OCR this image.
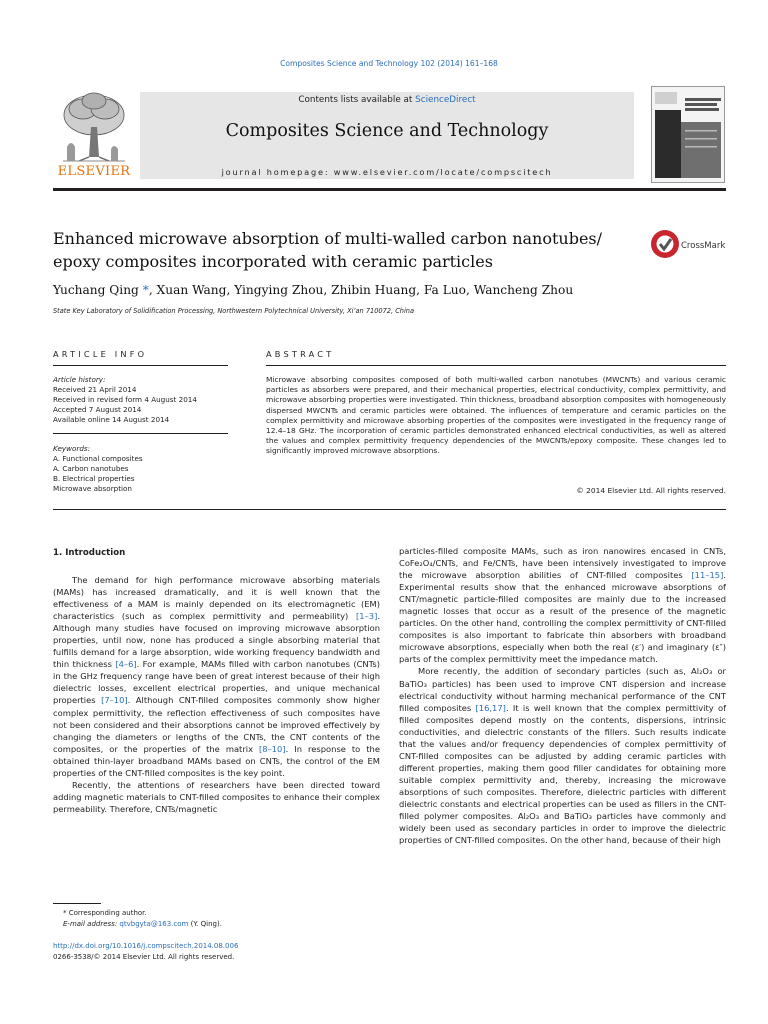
Composites Science and Technology 102 (2014) 161–168
Contents lists available at ScienceDirect
Composites Science and Technology
journal homepage: www.elsevier.com/locate/compscitech
ELSEVIER
Enhanced microwave absorption of multi-walled carbon nanotubes/
epoxy composites incorporated with ceramic particles
CrossMark
Yuchang Qing *, Xuan Wang, Yingying Zhou, Zhibin Huang, Fa Luo, Wancheng Zhou
State Key Laboratory of Solidification Processing, Northwestern Polytechnical University, Xi’an 710072, China
ARTICLE INFO	ABSTRACT
Article history:
Received 21 April 2014
Received in revised form 4 August 2014
Accepted 7 August 2014
Available online 14 August 2014
Keywords:
A. Functional composites
A. Carbon nanotubes
B. Electrical properties
Microwave absorption
Microwave absorbing composites composed of both multi-walled carbon nanotubes (MWCNTs) and various ceramic particles as absorbers were prepared, and their mechanical properties, electrical conductivity, complex permittivity, and microwave absorbing properties were investigated. Thin thickness, broadband absorption composites with homogeneously dispersed MWCNTs and ceramic particles were obtained. The influences of temperature and ceramic particles on the complex permittivity and microwave absorbing properties of the composites were investigated in the frequency range of 12.4–18 GHz. The incorporation of ceramic particles demonstrated enhanced electrical conductivities, as well as altered the values and complex permittivity frequency dependencies of the MWCNTs/epoxy composite. These changes led to significantly improved microwave absorptions.
© 2014 Elsevier Ltd. All rights reserved.
1. Introduction

The demand for high performance microwave absorbing materials (MAMs) has increased dramatically, and it is well known that the effectiveness of a MAM is mainly depended on its electromagnetic (EM) characteristics (such as complex permittivity and permeability) [1–3]. Although many studies have focused on improving microwave absorption properties, until now, none has produced a single absorbing material that fulfills demand for a large absorption, wide working frequency bandwidth and thin thickness [4–6]. For example, MAMs filled with carbon nanotubes (CNTs) in the GHz frequency range have been of great interest because of their high dielectric losses, excellent electrical properties, and unique mechanical properties [7–10]. Although CNT-filled composites commonly show higher complex permittivity, the reflection effectiveness of such composites have not been considered and their absorptions cannot be improved effectively by changing the diameters or lengths of the CNTs, the CNT contents of the composites, or the properties of the matrix [8–10]. In response to the obtained thin-layer broadband MAMs based on CNTs, the control of the EM properties of the CNT-filled composites is the key point.

Recently, the attentions of researchers have been directed toward adding magnetic materials to CNT-filled composites to enhance their complex permeability. Therefore, CNTs/magnetic

particles-filled composite MAMs, such as iron nanowires encased in CNTs, CoFe₂O₄/CNTs, and Fe/CNTs, have been intensively investigated to improve the microwave absorption abilities of CNT-filled composites [11–15]. Experimental results show that the enhanced microwave absorptions of CNT/magnetic particle-filled composites are mainly due to the increased magnetic losses that occur as a result of the presence of the magnetic particles. On the other hand, controlling the complex permittivity of CNT-filled composites is also important to fabricate thin absorbers with broadband microwave absorptions, especially when both the real (ε′) and imaginary (ε″) parts of the complex permittivity meet the impedance match.

More recently, the addition of secondary particles (such as, Al₂O₃ or BaTiO₃ particles) has been used to improve CNT dispersion and increase electrical conductivity without harming mechanical performance of the CNT filled composites [16,17]. It is well known that the complex permittivity of filled composites depend mostly on the contents, dispersions, intrinsic conductivities, and dielectric constants of the fillers. Such results indicate that the values and/or frequency dependencies of complex permittivity of CNT-filled composites can be adjusted by adding ceramic particles with different properties, making them good filler candidates for obtaining more suitable complex permittivity and, thereby, increasing the microwave absorptions of such composites. Therefore, dielectric particles with different dielectric constants and electrical properties can be used as fillers in the CNT-filled polymer composites. Al₂O₃ and BaTiO₃ particles have commonly and widely been used as secondary particles in order to improve the dielectric properties of CNT-filled composites. On the other hand, because of their high

* Corresponding author.
E-mail address: qtvbgyta@163.com (Y. Qing).
http://dx.doi.org/10.1016/j.compscitech.2014.08.006
0266-3538/© 2014 Elsevier Ltd. All rights reserved.
